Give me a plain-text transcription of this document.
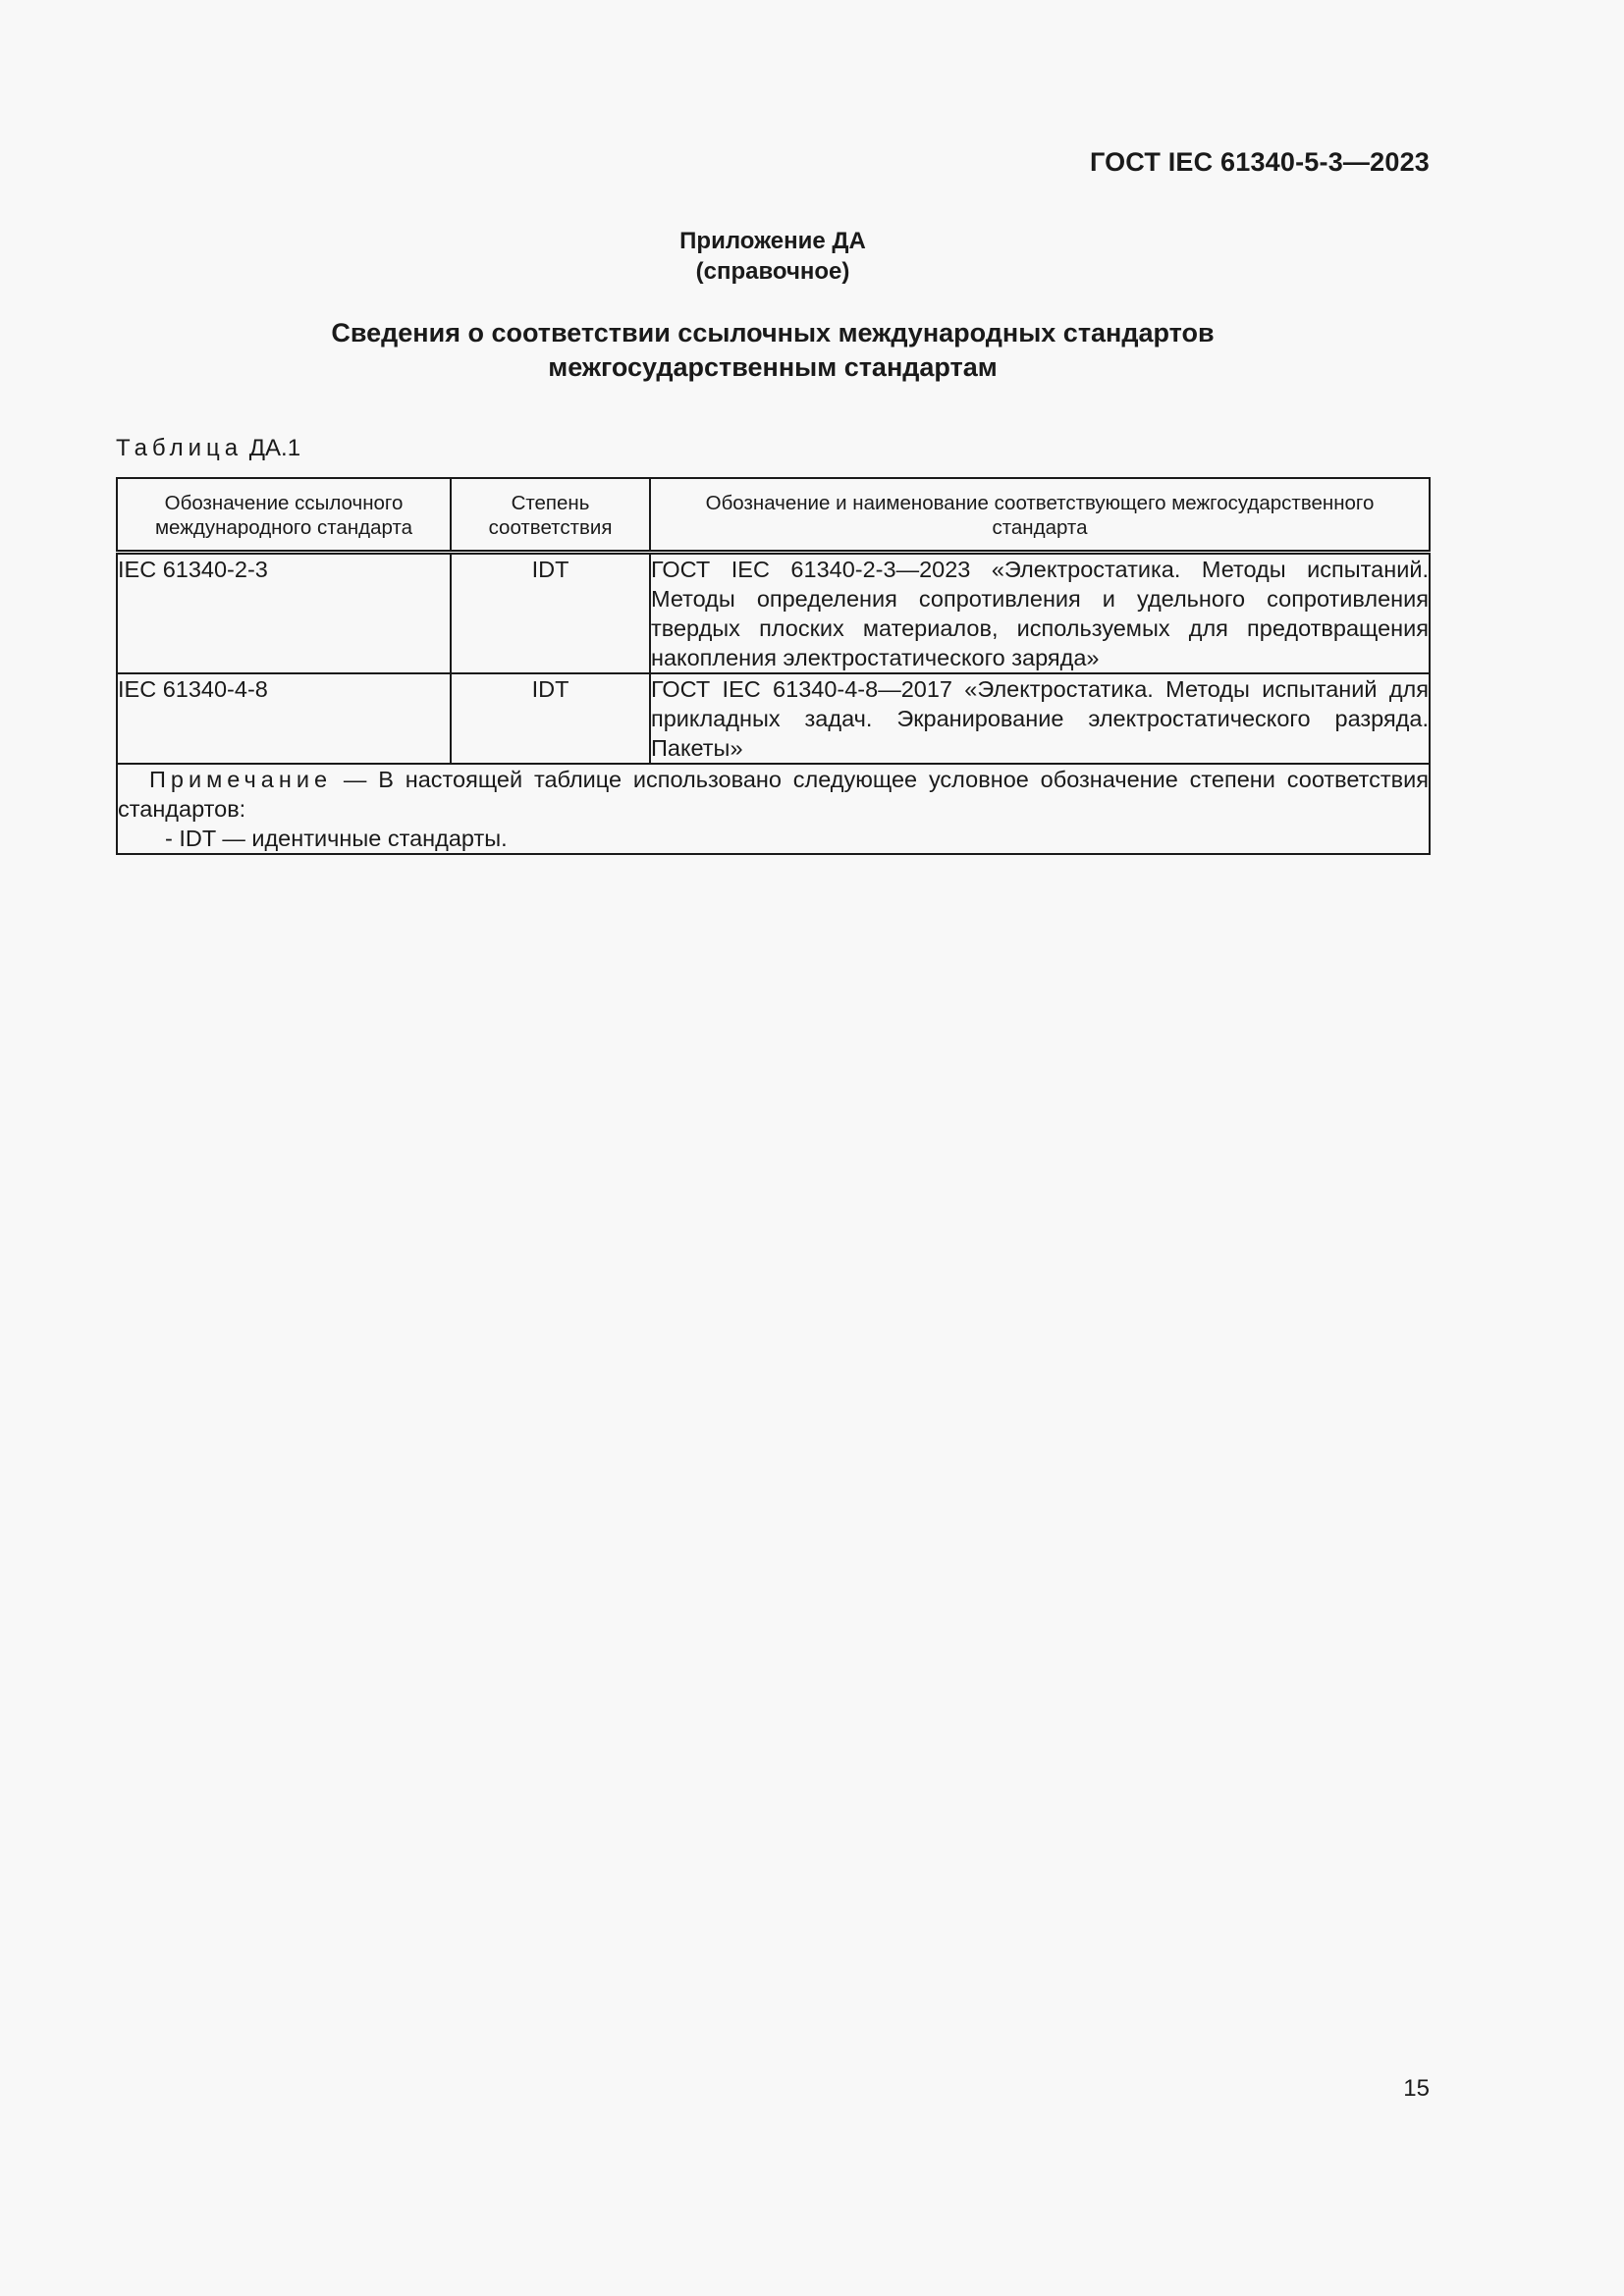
ГОСТ IEC 61340-5-3—2023
Приложение ДА
(справочное)
Сведения о соответствии ссылочных международных стандартов
межгосударственным стандартам
Таблица ДА.1
Обозначение ссылочного международного стандарта	Степень соответствия	Обозначение и наименование соответствующего межгосударственного стандарта
IEC 61340-2-3	IDT	ГОСТ IEC 61340-2-3—2023 «Электростатика. Методы испытаний. Методы определения сопротивления и удельного сопротивления твердых плоских материалов, используемых для предотвращения накопления электростатического заряда»
IEC 61340-4-8	IDT	ГОСТ IEC 61340-4-8—2017 «Электростатика. Методы испытаний для прикладных задач. Экранирование электростатического разряда. Пакеты»
Примечание — В настоящей таблице использовано следующее условное обозначение степени соответствия стандартов:
- IDT — идентичные стандарты.		
15
